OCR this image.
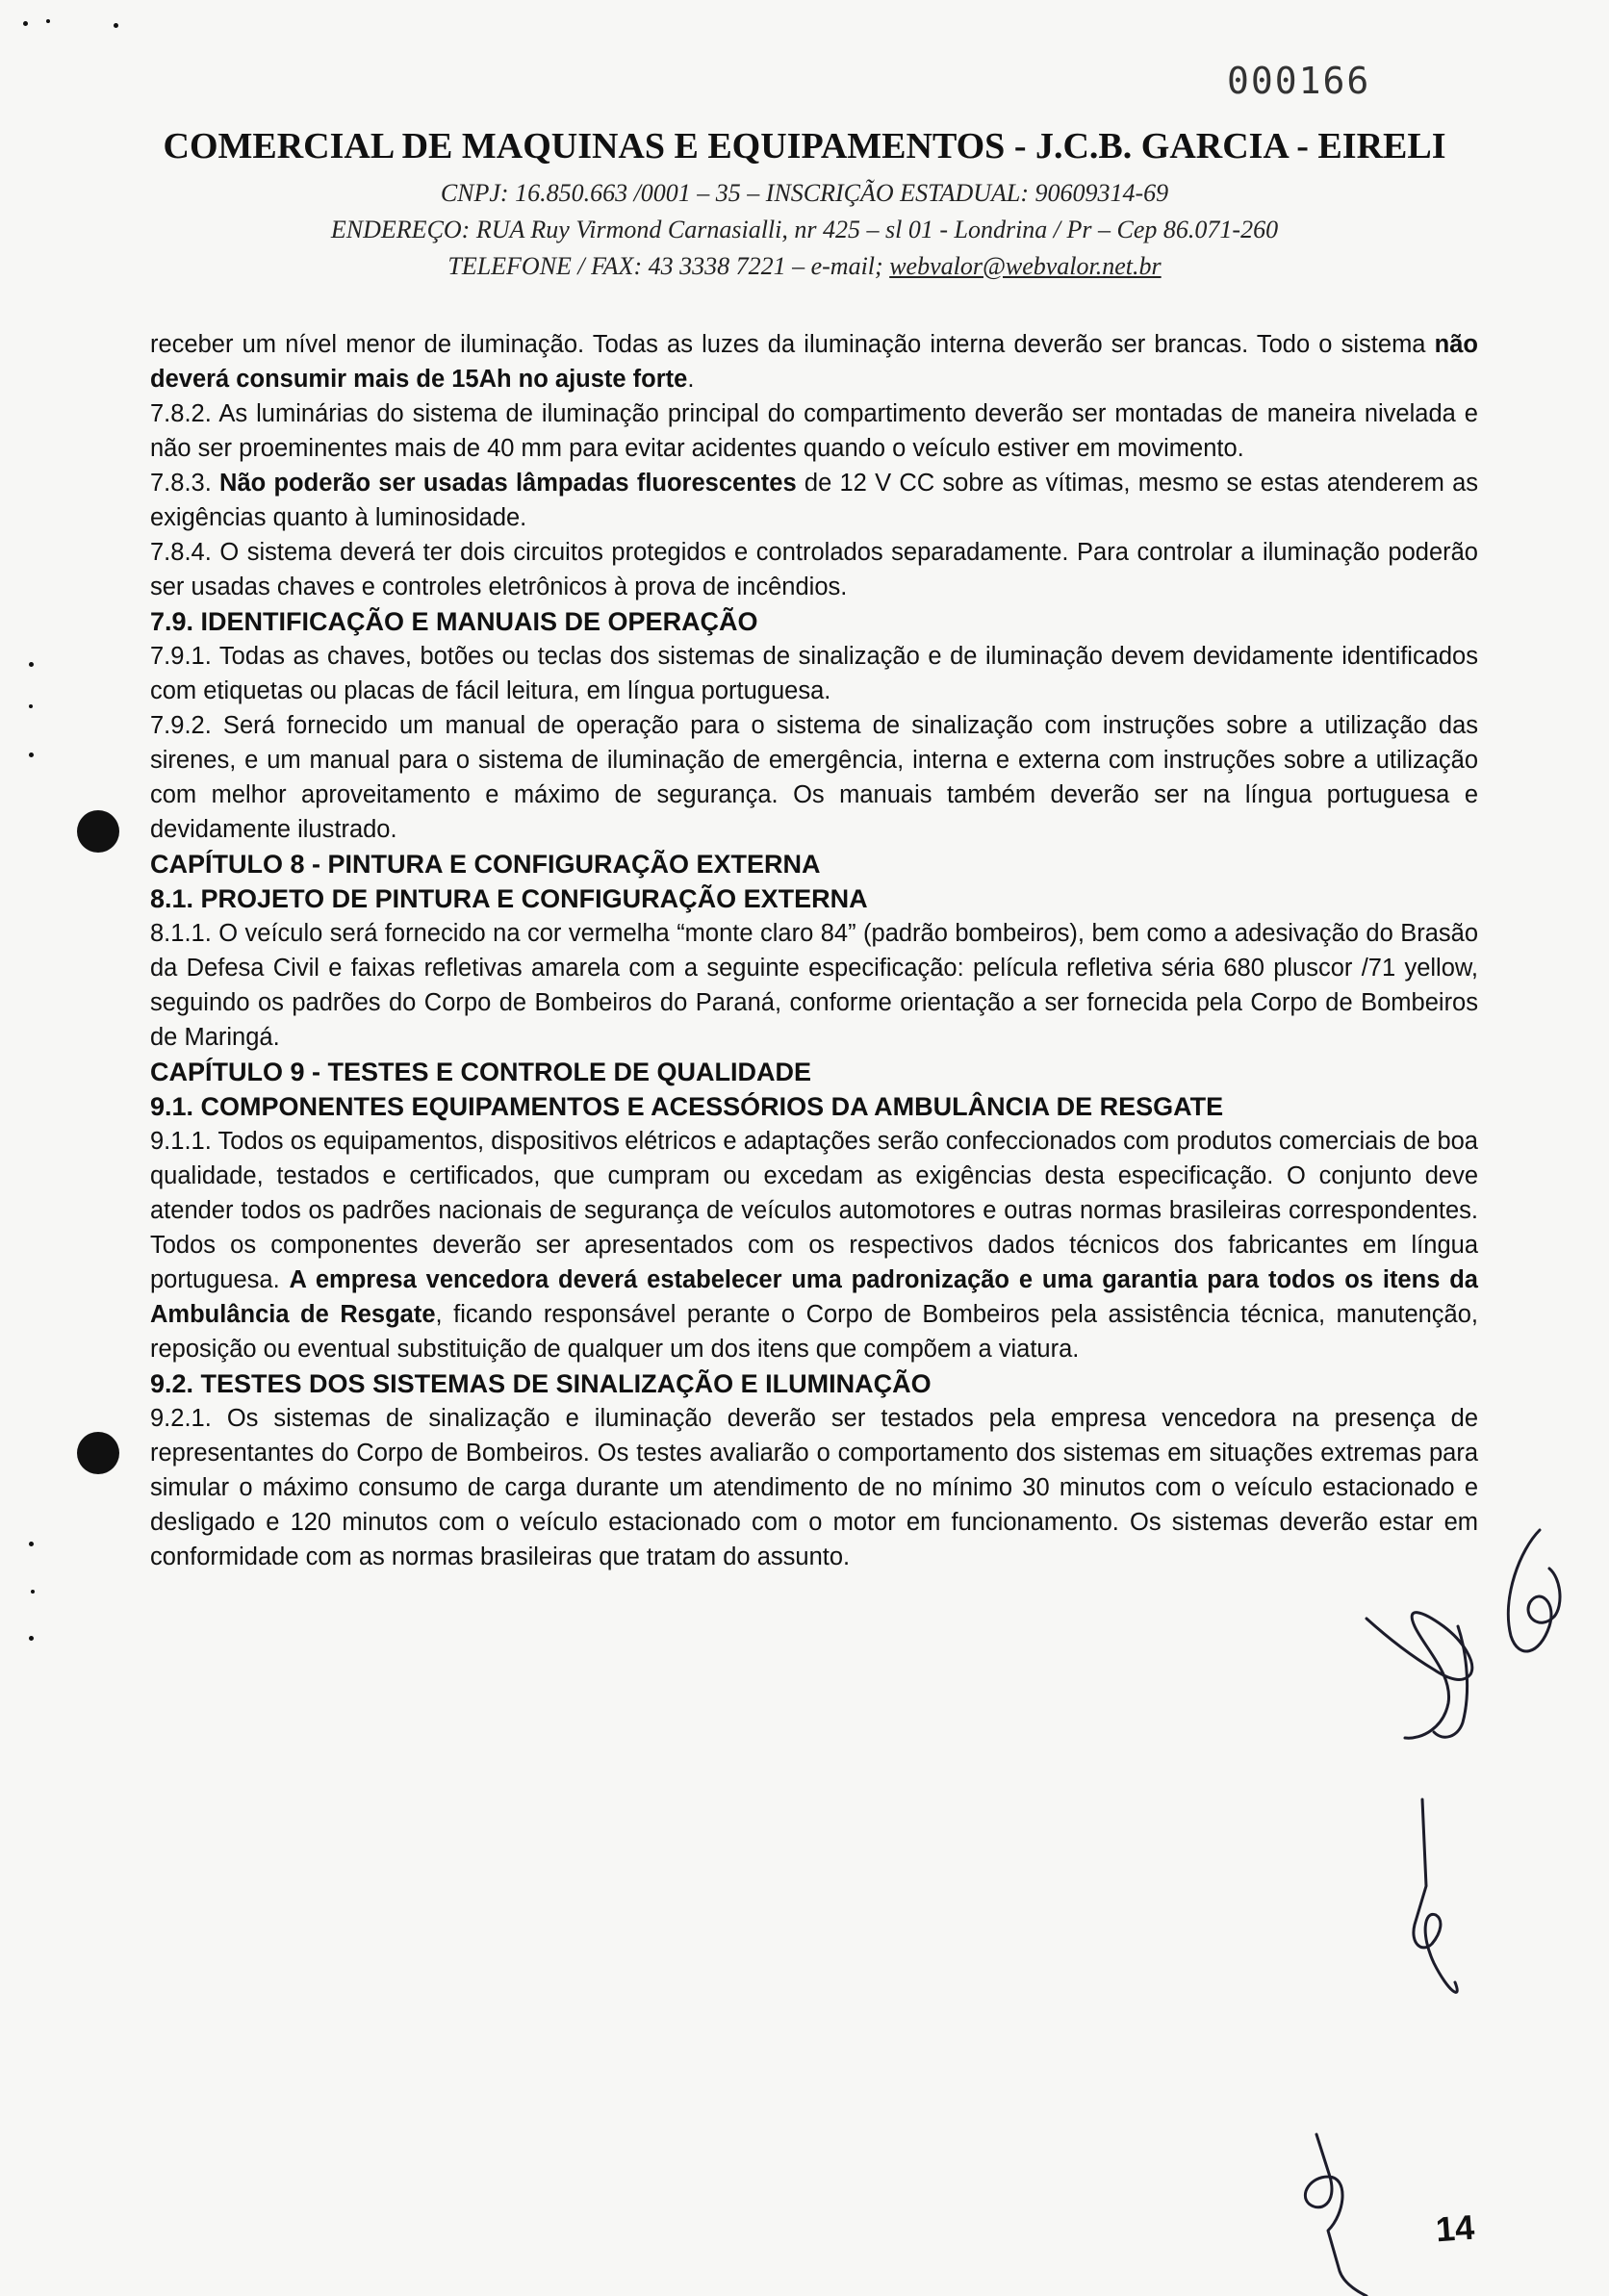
000166
COMERCIAL DE MAQUINAS E EQUIPAMENTOS - J.C.B. GARCIA - EIRELI
CNPJ: 16.850.663 /0001 – 35 – INSCRIÇÃO ESTADUAL: 90609314-69
ENDEREÇO: RUA Ruy Virmond Carnasialli, nr 425 – sl 01 - Londrina / Pr – Cep 86.071-260
TELEFONE / FAX: 43 3338 7221 – e-mail; webvalor@webvalor.net.br

receber um nível menor de iluminação. Todas as luzes da iluminação interna deverão ser brancas. Todo o sistema não deverá consumir mais de 15Ah no ajuste forte.

7.8.2. As luminárias do sistema de iluminação principal do compartimento deverão ser montadas de maneira nivelada e não ser proeminentes mais de 40 mm para evitar acidentes quando o veículo estiver em movimento.

7.8.3. Não poderão ser usadas lâmpadas fluorescentes de 12 V CC sobre as vítimas, mesmo se estas atenderem as exigências quanto à luminosidade.

7.8.4. O sistema deverá ter dois circuitos protegidos e controlados separadamente. Para controlar a iluminação poderão ser usadas chaves e controles eletrônicos à prova de incêndios.

7.9. IDENTIFICAÇÃO E MANUAIS DE OPERAÇÃO

7.9.1. Todas as chaves, botões ou teclas dos sistemas de sinalização e de iluminação devem devidamente identificados com etiquetas ou placas de fácil leitura, em língua portuguesa.

7.9.2. Será fornecido um manual de operação para o sistema de sinalização com instruções sobre a utilização das sirenes, e um manual para o sistema de iluminação de emergência, interna e externa com instruções sobre a utilização com melhor aproveitamento e máximo de segurança. Os manuais também deverão ser na língua portuguesa e devidamente ilustrado.

CAPÍTULO 8 - PINTURA E CONFIGURAÇÃO EXTERNA

8.1. PROJETO DE PINTURA E CONFIGURAÇÃO EXTERNA

8.1.1. O veículo será fornecido na cor vermelha “monte claro 84” (padrão bombeiros), bem como a adesivação do Brasão da Defesa Civil e faixas refletivas amarela com a seguinte especificação: película refletiva séria 680 pluscor /71 yellow, seguindo os padrões do Corpo de Bombeiros do Paraná, conforme orientação a ser fornecida pela Corpo de Bombeiros de Maringá.

CAPÍTULO 9 - TESTES E CONTROLE DE QUALIDADE

9.1. COMPONENTES EQUIPAMENTOS E ACESSÓRIOS DA AMBULÂNCIA DE RESGATE

9.1.1. Todos os equipamentos, dispositivos elétricos e adaptações serão confeccionados com produtos comerciais de boa qualidade, testados e certificados, que cumpram ou excedam as exigências desta especificação. O conjunto deve atender todos os padrões nacionais de segurança de veículos automotores e outras normas brasileiras correspondentes. Todos os componentes deverão ser apresentados com os respectivos dados técnicos dos fabricantes em língua portuguesa. A empresa vencedora deverá estabelecer uma padronização e uma garantia para todos os itens da Ambulância de Resgate, ficando responsável perante o Corpo de Bombeiros pela assistência técnica, manutenção, reposição ou eventual substituição de qualquer um dos itens que compõem a viatura.

9.2. TESTES DOS SISTEMAS DE SINALIZAÇÃO E ILUMINAÇÃO

9.2.1. Os sistemas de sinalização e iluminação deverão ser testados pela empresa vencedora na presença de representantes do Corpo de Bombeiros. Os testes avaliarão o comportamento dos sistemas em situações extremas para simular o máximo consumo de carga durante um atendimento de no mínimo 30 minutos com o veículo estacionado e desligado e 120 minutos com o veículo estacionado com o motor em funcionamento. Os sistemas deverão estar em conformidade com as normas brasileiras que tratam do assunto.

14
